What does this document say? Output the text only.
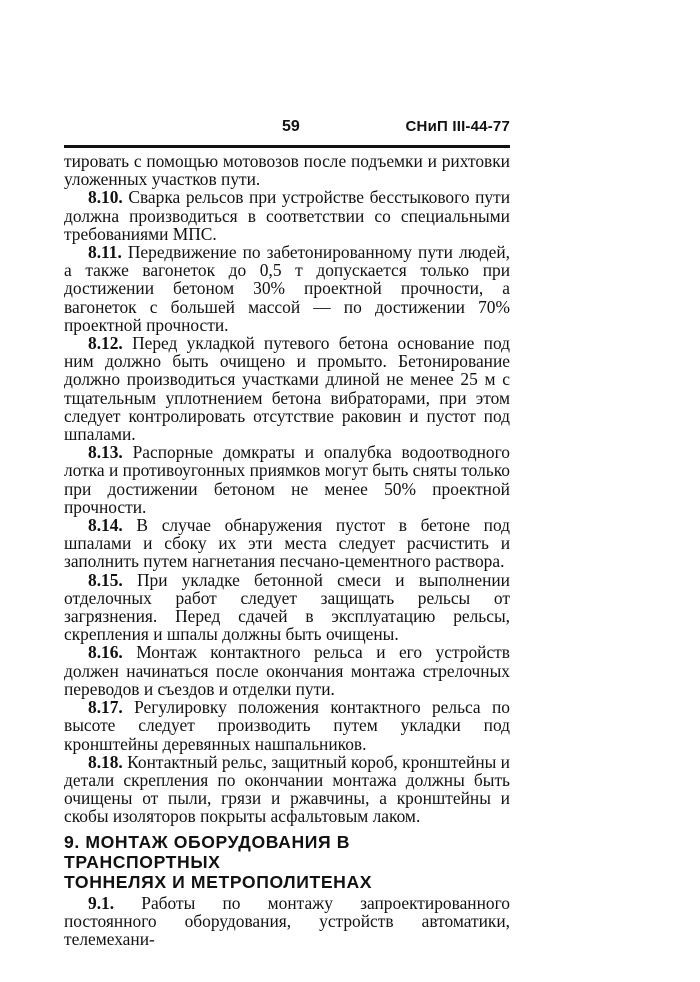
59	СНиП III-44-77

тировать с помощью мотовозов после подъемки и рихтовки уложенных участков пути.

8.10. Сварка рельсов при устройстве бесстыкового пути должна производиться в соответствии со специальными требованиями МПС.

8.11. Передвижение по забетонированному пути людей, а также вагонеток до 0,5 т допускается только при достижении бетоном 30% проектной прочности, а вагонеток с большей массой — по достижении 70% проектной прочности.

8.12. Перед укладкой путевого бетона основание под ним должно быть очищено и промыто. Бетонирование должно производиться участками длиной не менее 25 м с тщательным уплотнением бетона вибраторами, при этом следует контролировать отсутствие раковин и пустот под шпалами.

8.13. Распорные домкраты и опалубка водоотводного лотка и противоугонных приямков могут быть сняты только при достижении бетоном не менее 50% проектной прочности.

8.14. В случае обнаружения пустот в бетоне под шпалами и сбоку их эти места следует расчистить и заполнить путем нагнетания песчано-цементного раствора.

8.15. При укладке бетонной смеси и выполнении отделочных работ следует защищать рельсы от загрязнения. Перед сдачей в эксплуатацию рельсы, скрепления и шпалы должны быть очищены.

8.16. Монтаж контактного рельса и его устройств должен начинаться после окончания монтажа стрелочных переводов и съездов и отделки пути.

8.17. Регулировку положения контактного рельса по высоте следует производить путем укладки под кронштейны деревянных нашпальников.

8.18. Контактный рельс, защитный короб, кронштейны и детали скрепления по окончании монтажа должны быть очищены от пыли, грязи и ржавчины, а кронштейны и скобы изоляторов покрыты асфальтовым лаком.

9. МОНТАЖ ОБОРУДОВАНИЯ В ТРАНСПОРТНЫХ
ТОННЕЛЯХ И МЕТРОПОЛИТЕНАХ

9.1. Работы по монтажу запроектированного постоянного оборудования, устройств автоматики, телемехани-
